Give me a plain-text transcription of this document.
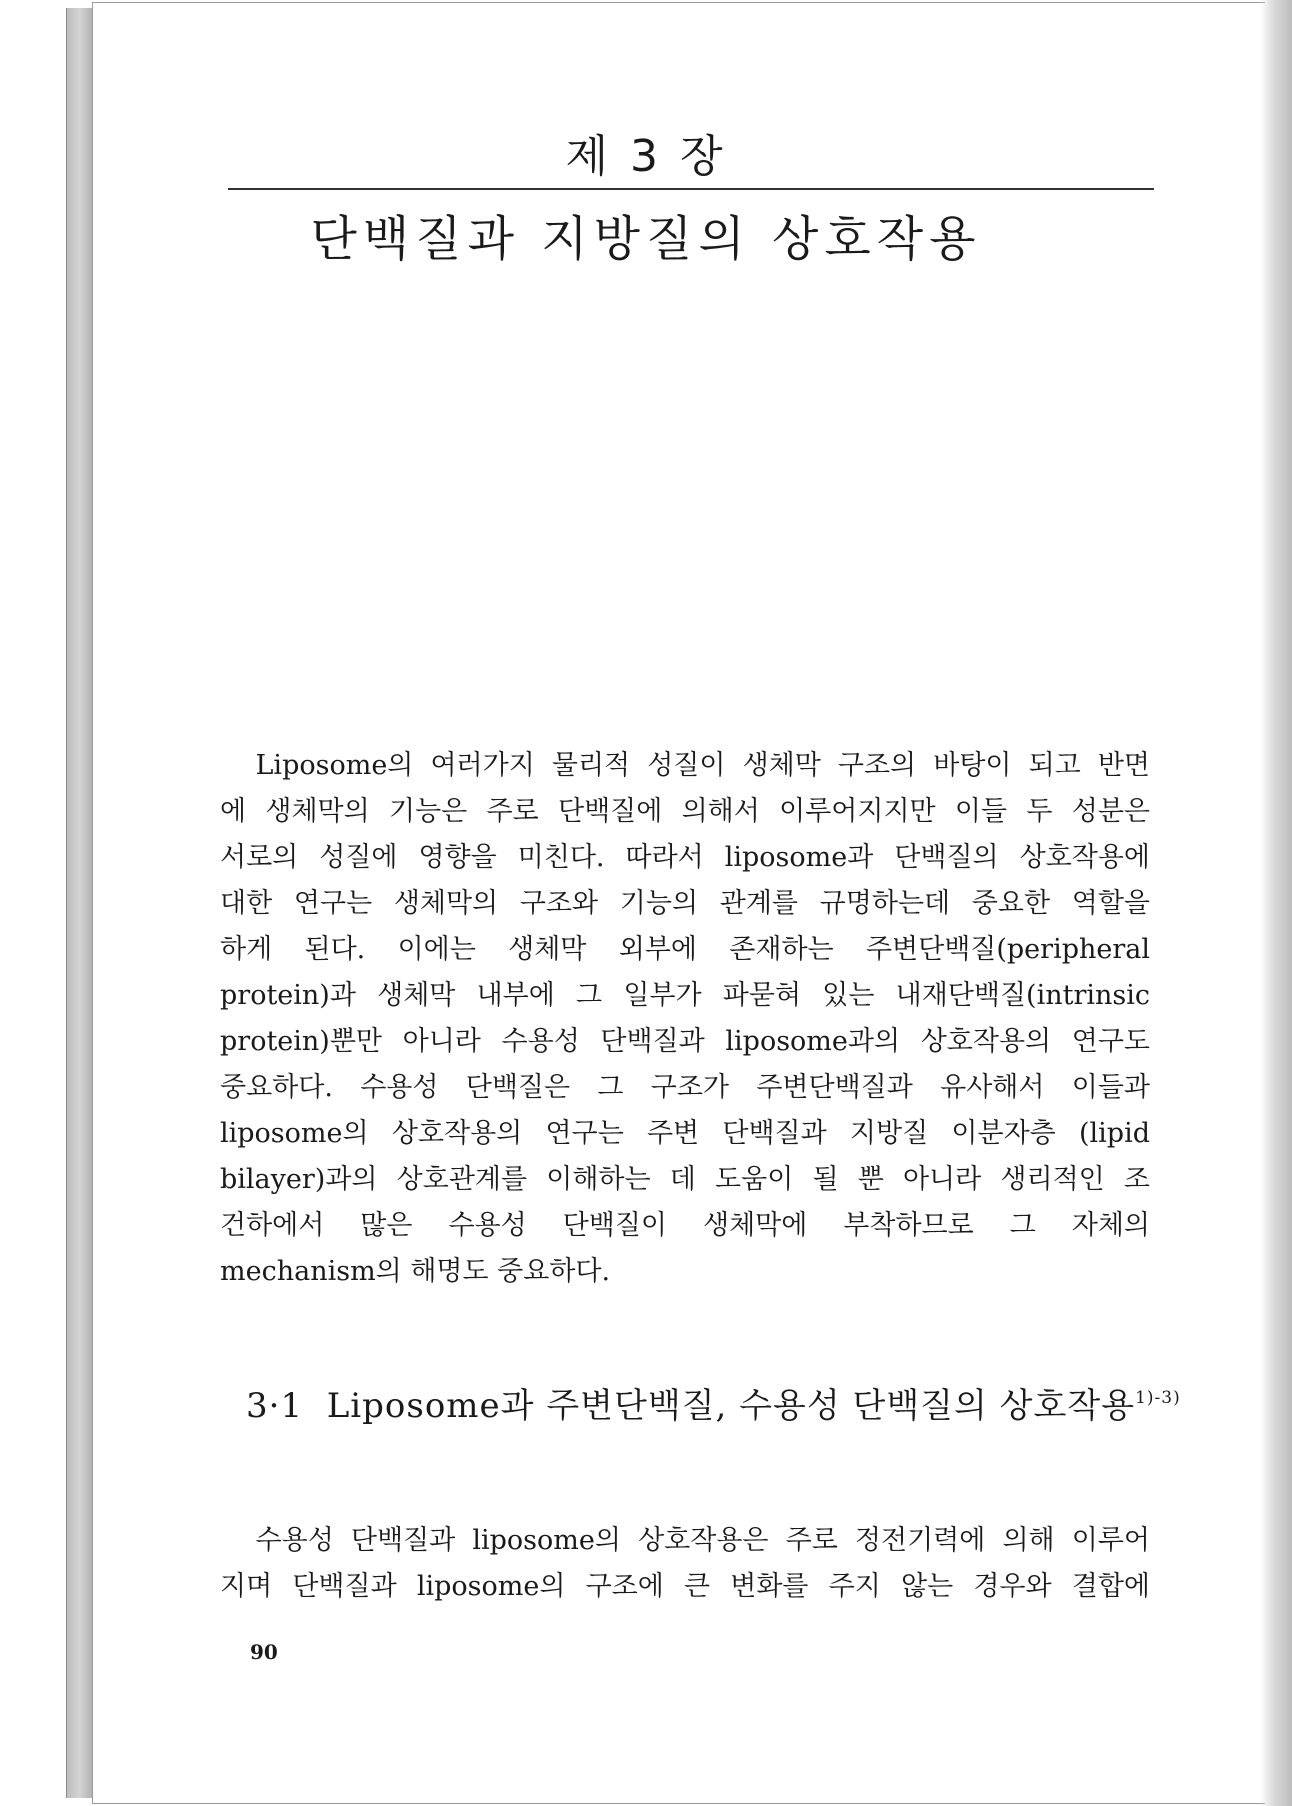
제 3 장
단백질과 지방질의 상호작용
　Liposome의 여러가지 물리적 성질이 생체막 구조의 바탕이 되고 반면
에 생체막의 기능은 주로 단백질에 의해서 이루어지지만 이들 두 성분은
서로의 성질에 영향을 미친다. 따라서 liposome과 단백질의 상호작용에
대한 연구는 생체막의 구조와 기능의 관계를 규명하는데 중요한 역할을
하게 된다. 이에는 생체막 외부에 존재하는 주변단백질(peripheral
protein)과 생체막 내부에 그 일부가 파묻혀 있는 내재단백질(intrinsic
protein)뿐만 아니라 수용성 단백질과 liposome과의 상호작용의 연구도
중요하다. 수용성 단백질은 그 구조가 주변단백질과 유사해서 이들과
liposome의 상호작용의 연구는 주변 단백질과 지방질 이분자층 (lipid
bilayer)과의 상호관계를 이해하는 데 도움이 될 뿐 아니라 생리적인 조
건하에서 많은 수용성 단백질이 생체막에 부착하므로 그 자체의
mechanism의 해명도 중요하다.
3·1 Liposome과 주변단백질, 수용성 단백질의 상호작용$^{1)-3)}$
　수용성 단백질과 liposome의 상호작용은 주로 정전기력에 의해 이루어
지며 단백질과 liposome의 구조에 큰 변화를 주지 않는 경우와 결합에
90
